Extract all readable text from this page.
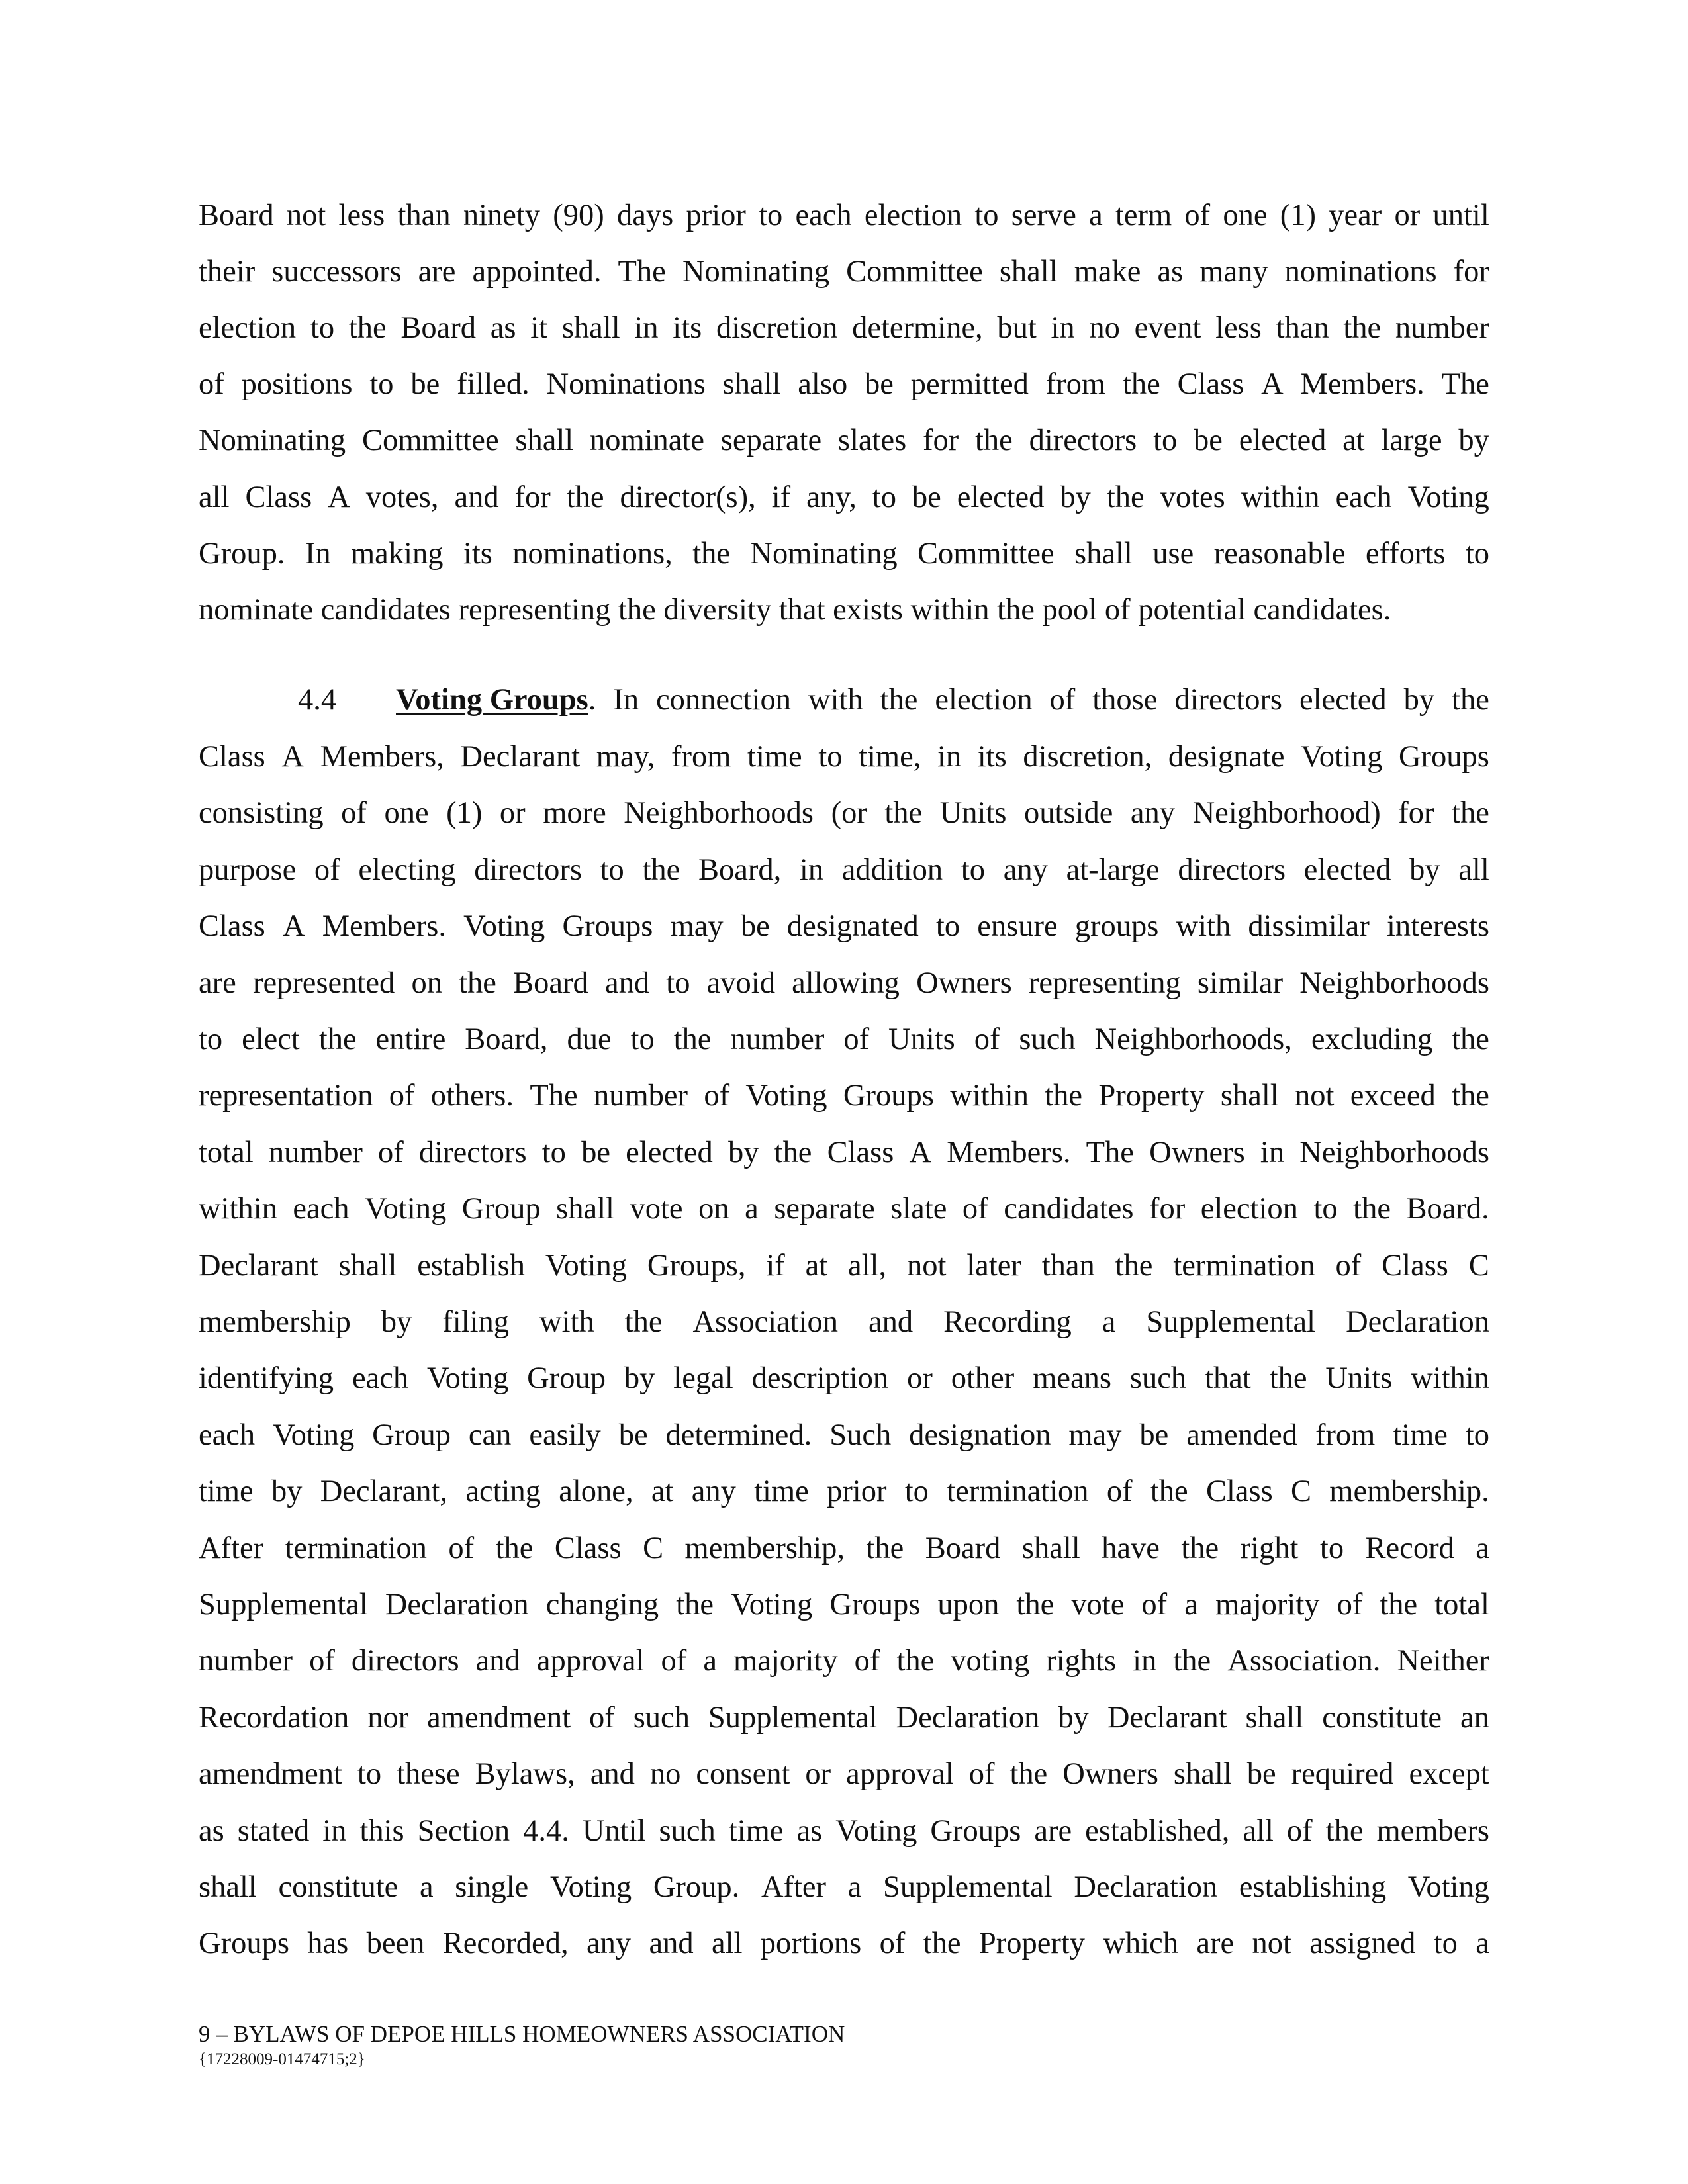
Board not less than ninety (90) days prior to each election to serve a term of one (1) year or until
their successors are appointed. The Nominating Committee shall make as many nominations for
election to the Board as it shall in its discretion determine, but in no event less than the number
of positions to be filled. Nominations shall also be permitted from the Class A Members. The
Nominating Committee shall nominate separate slates for the directors to be elected at large by
all Class A votes, and for the director(s), if any, to be elected by the votes within each Voting
Group. In making its nominations, the Nominating Committee shall use reasonable efforts to
nominate candidates representing the diversity that exists within the pool of potential candidates.
4.4 Voting Groups . In connection with the election of those directors elected by the
Class A Members, Declarant may, from time to time, in its discretion, designate Voting Groups
consisting of one (1) or more Neighborhoods (or the Units outside any Neighborhood) for the
purpose of electing directors to the Board, in addition to any at-large directors elected by all
Class A Members. Voting Groups may be designated to ensure groups with dissimilar interests
are represented on the Board and to avoid allowing Owners representing similar Neighborhoods
to elect the entire Board, due to the number of Units of such Neighborhoods, excluding the
representation of others. The number of Voting Groups within the Property shall not exceed the
total number of directors to be elected by the Class A Members. The Owners in Neighborhoods
within each Voting Group shall vote on a separate slate of candidates for election to the Board.
Declarant shall establish Voting Groups, if at all, not later than the termination of Class C
membership by filing with the Association and Recording a Supplemental Declaration
identifying each Voting Group by legal description or other means such that the Units within
each Voting Group can easily be determined. Such designation may be amended from time to
time by Declarant, acting alone, at any time prior to termination of the Class C membership.
After termination of the Class C membership, the Board shall have the right to Record a
Supplemental Declaration changing the Voting Groups upon the vote of a majority of the total
number of directors and approval of a majority of the voting rights in the Association. Neither
Recordation nor amendment of such Supplemental Declaration by Declarant shall constitute an
amendment to these Bylaws, and no consent or approval of the Owners shall be required except
as stated in this Section 4.4. Until such time as Voting Groups are established, all of the members
shall constitute a single Voting Group. After a Supplemental Declaration establishing Voting
Groups has been Recorded, any and all portions of the Property which are not assigned to a
9 – BYLAWS OF DEPOE HILLS HOMEOWNERS ASSOCIATION
{17228009-01474715;2}
